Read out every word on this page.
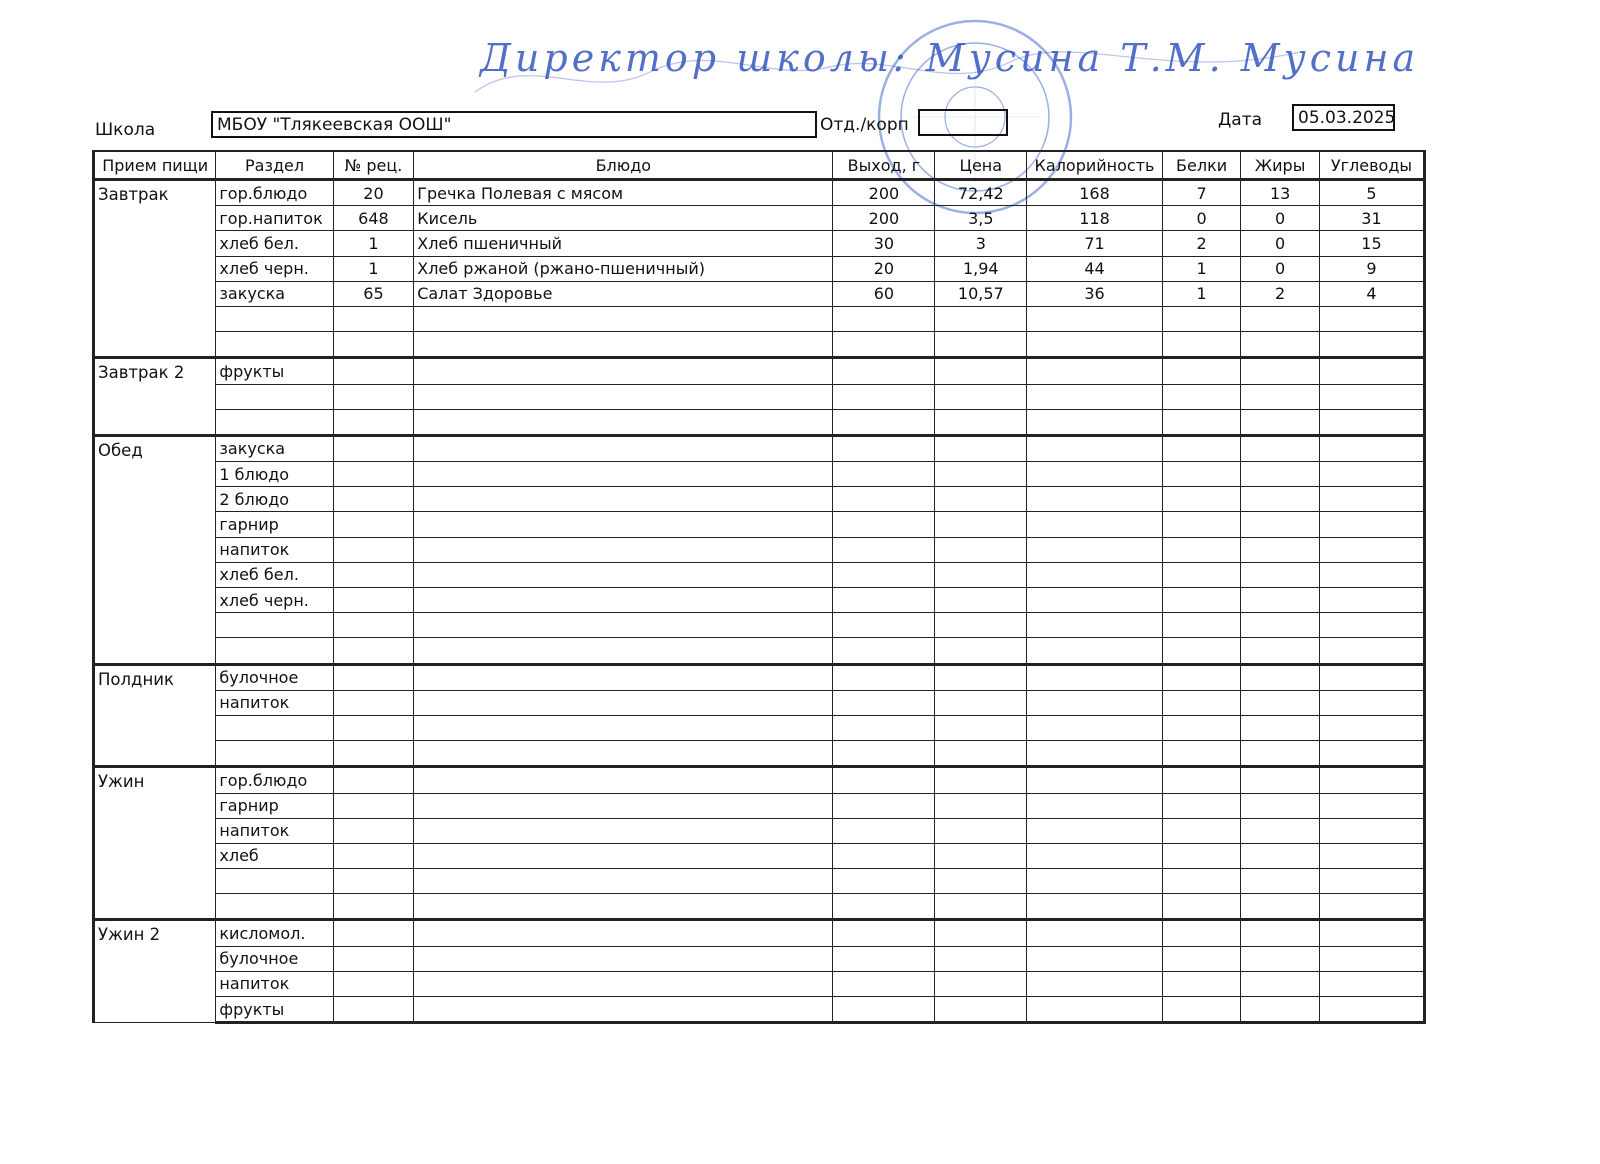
Директор школы: Мусина Т.М. Мусина
Школа	МБОУ "Тлякеевская ООШ"	Отд./корп	Дата	05.03.2025
Прием пищи	Раздел	№ рец.	Блюдо	Выход, г	Цена	Калорийность	Белки	Жиры	Углеводы
Завтрак	гор.блюдо	20	Гречка Полевая с мясом	200	72,42	168	7	13	5
	гор.напиток	648	Кисель	200	3,5	118	0	0	31
	хлеб бел.	1	Хлеб пшеничный	30	3	71	2	0	15
	хлеб черн.	1	Хлеб ржаной (ржано-пшеничный)	20	1,94	44	1	0	9
	закуска	65	Салат Здоровье	60	10,57	36	1	2	4

Завтрак 2	фрукты								

Обед	закуска								
	1 блюдо								
	2 блюдо								
	гарнир								
	напиток								
	хлеб бел.								
	хлеб черн.								

Полдник	булочное								
	напиток								

Ужин	гор.блюдо								
	гарнир								
	напиток								
	хлеб								

Ужин 2	кисломол.								
	булочное								
	напиток								
	фрукты								
